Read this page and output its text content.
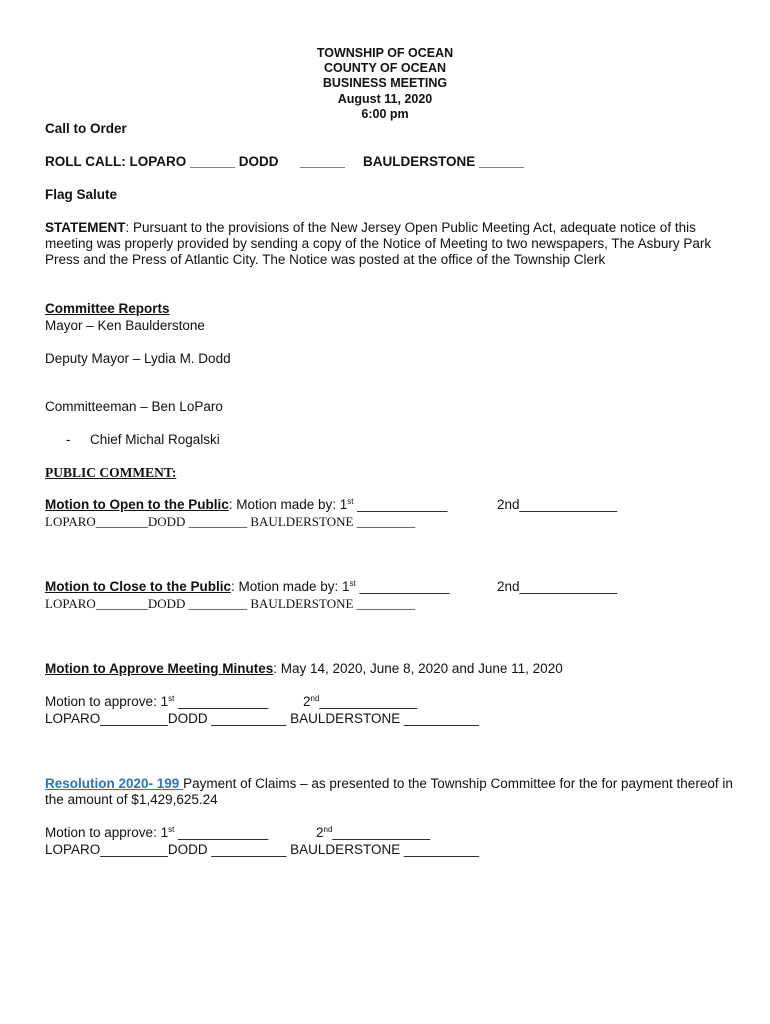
TOWNSHIP OF OCEAN
COUNTY OF OCEAN
BUSINESS MEETING
August 11, 2020
6:00 pm
Call to Order
ROLL CALL: LOPARO ______ DODD ______ BAULDERSTONE ______
Flag Salute
STATEMENT: Pursuant to the provisions of the New Jersey Open Public Meeting Act, adequate notice of this meeting was properly provided by sending a copy of the Notice of Meeting to two newspapers, The Asbury Park Press and the Press of Atlantic City. The Notice was posted at the office of the Township Clerk
Committee Reports
Mayor – Ken Baulderstone
Deputy Mayor – Lydia M. Dodd
Committeeman – Ben LoParo
- Chief Michal Rogalski
PUBLIC COMMENT:
Motion to Open to the Public: Motion made by: 1st ____________	2nd_____________
LOPARO________DODD _________ BAULDERSTONE _________
Motion to Close to the Public: Motion made by: 1st ____________	2nd_____________
LOPARO________DODD _________ BAULDERSTONE _________
Motion to Approve Meeting Minutes: May 14, 2020, June 8, 2020 and June 11, 2020
Motion to approve: 1st ____________	2nd_____________
LOPARO_________DODD __________ BAULDERSTONE __________
Resolution 2020- 199 Payment of Claims – as presented to the Township Committee for the for payment thereof in the amount of $1,429,625.24
Motion to approve: 1st ____________	2nd_____________
LOPARO_________DODD __________ BAULDERSTONE __________
